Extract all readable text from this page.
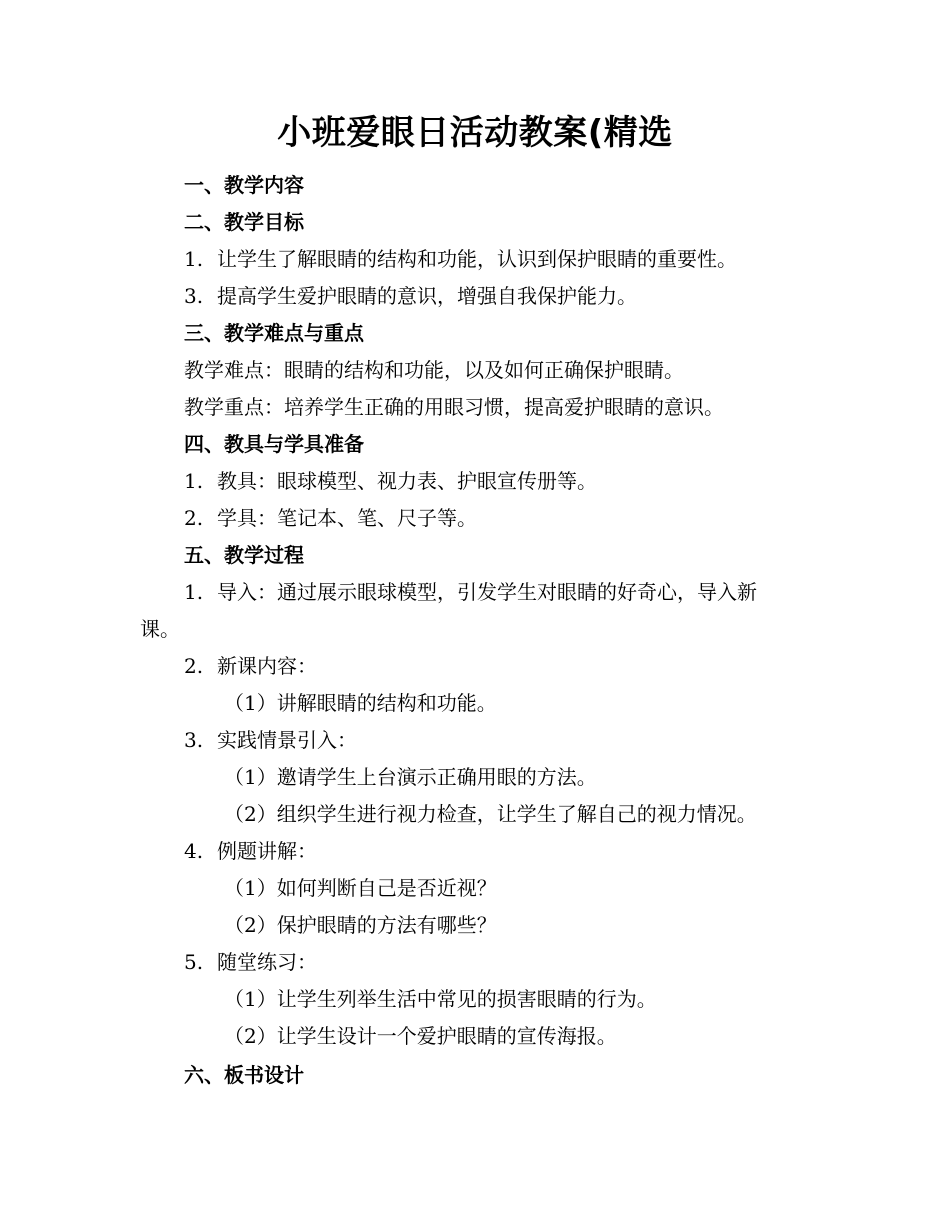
小班爱眼日活动教案(精选
一、教学内容
二、教学目标
1. 让学生了解眼睛的结构和功能，认识到保护眼睛的重要性。
3. 提高学生爱护眼睛的意识，增强自我保护能力。
三、教学难点与重点
教学难点：眼睛的结构和功能，以及如何正确保护眼睛。
教学重点：培养学生正确的用眼习惯，提高爱护眼睛的意识。
四、教具与学具准备
1. 教具：眼球模型、视力表、护眼宣传册等。
2. 学具：笔记本、笔、尺子等。
五、教学过程
1. 导入：通过展示眼球模型，引发学生对眼睛的好奇心，导入新
课。
2. 新课内容：
（1）讲解眼睛的结构和功能。
3. 实践情景引入：
（1）邀请学生上台演示正确用眼的方法。
（2）组织学生进行视力检查，让学生了解自己的视力情况。
4. 例题讲解：
（1）如何判断自己是否近视？
（2）保护眼睛的方法有哪些？
5. 随堂练习：
（1）让学生列举生活中常见的损害眼睛的行为。
（2）让学生设计一个爱护眼睛的宣传海报。
六、板书设计
